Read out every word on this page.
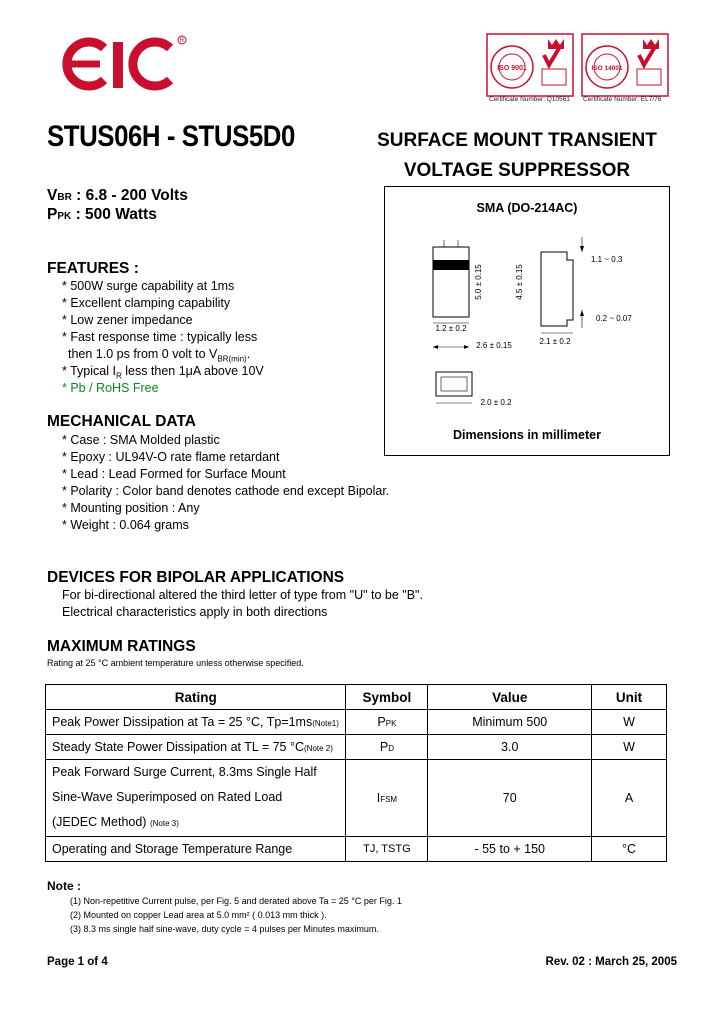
R
ISO 9001
Certificate Number: Q10561
ISO 14001
Certificate Number: EL7/76
STUS06H - STUS5D0	SURFACE MOUNT TRANSIENT
VOLTAGE SUPPRESSOR
VBR : 6.8 - 200 Volts
PPK : 500 Watts	SMA (DO-214AC)
5.0 ± 0.15
1.2 ± 0.2
2.6 ± 0.15
4.5 ± 0.15
1.1 ~ 0.3
0.2 ~ 0.07
2.1 ± 0.2
2.0 ± 0.2
Dimensions in millimeter
FEATURES :
* 500W surge capability at 1ms
* Excellent clamping capability
* Low zener impedance
* Fast response time : typically less
then 1.0 ps from 0 volt to $V_{BR(min)}$.
* Typical $I_R$ less then 1μA above 10V
* Pb / RoHS Free
MECHANICAL DATA
* Case : SMA Molded plastic
* Epoxy : UL94V-O rate flame retardant
* Lead : Lead Formed for Surface Mount
* Polarity : Color band denotes cathode end except Bipolar.
* Mounting position : Any
* Weight : 0.064 grams
DEVICES FOR BIPOLAR APPLICATIONS
For bi-directional altered the third letter of type from "U" to be "B".
Electrical characteristics apply in both directions
MAXIMUM RATINGS
Rating at 25 °C ambient temperature unless otherwise specified.
Rating	Symbol	Value	Unit
Peak Power Dissipation at Ta = 25 °C, Tp=1ms(Note1)	PPK	Minimum 500	W
Steady State Power Dissipation at TL = 75 °C(Note 2)	PD	3.0	W

Peak Forward Surge Current, 8.3ms Single Half
Sine-Wave Superimposed on Rated Load
(JEDEC Method) (Note 3)	IFSM	70	A
Operating and Storage Temperature Range	TJ, TSTG	- 55 to + 150	°C
Note :
(1) Non-repetitive Current pulse, per Fig. 5 and derated above Ta = 25 °C per Fig. 1
(2) Mounted on copper Lead area at 5.0 mm² ( 0.013 mm thick ).
(3) 8.3 ms single half sine-wave, duty cycle = 4 pulses per Minutes maximum.
Page 1 of 4	Rev. 02 : March 25, 2005
